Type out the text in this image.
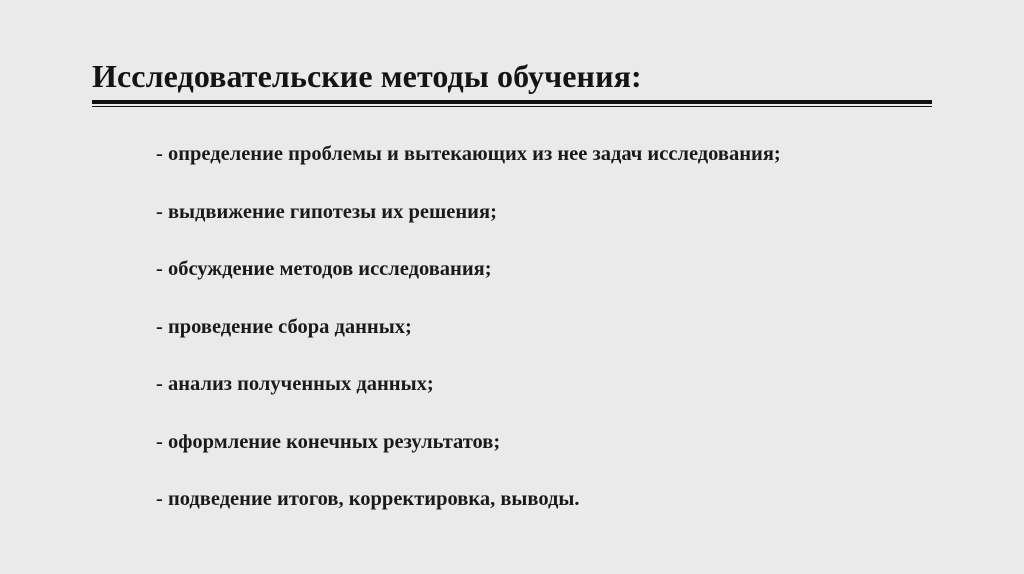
Исследовательские методы обучения:
- определение проблемы и вытекающих из нее задач исследования;
- выдвижение гипотезы их решения;
- обсуждение методов исследования;
- проведение сбора данных;
- анализ полученных данных;
- оформление конечных результатов;
- подведение итогов, корректировка, выводы.
